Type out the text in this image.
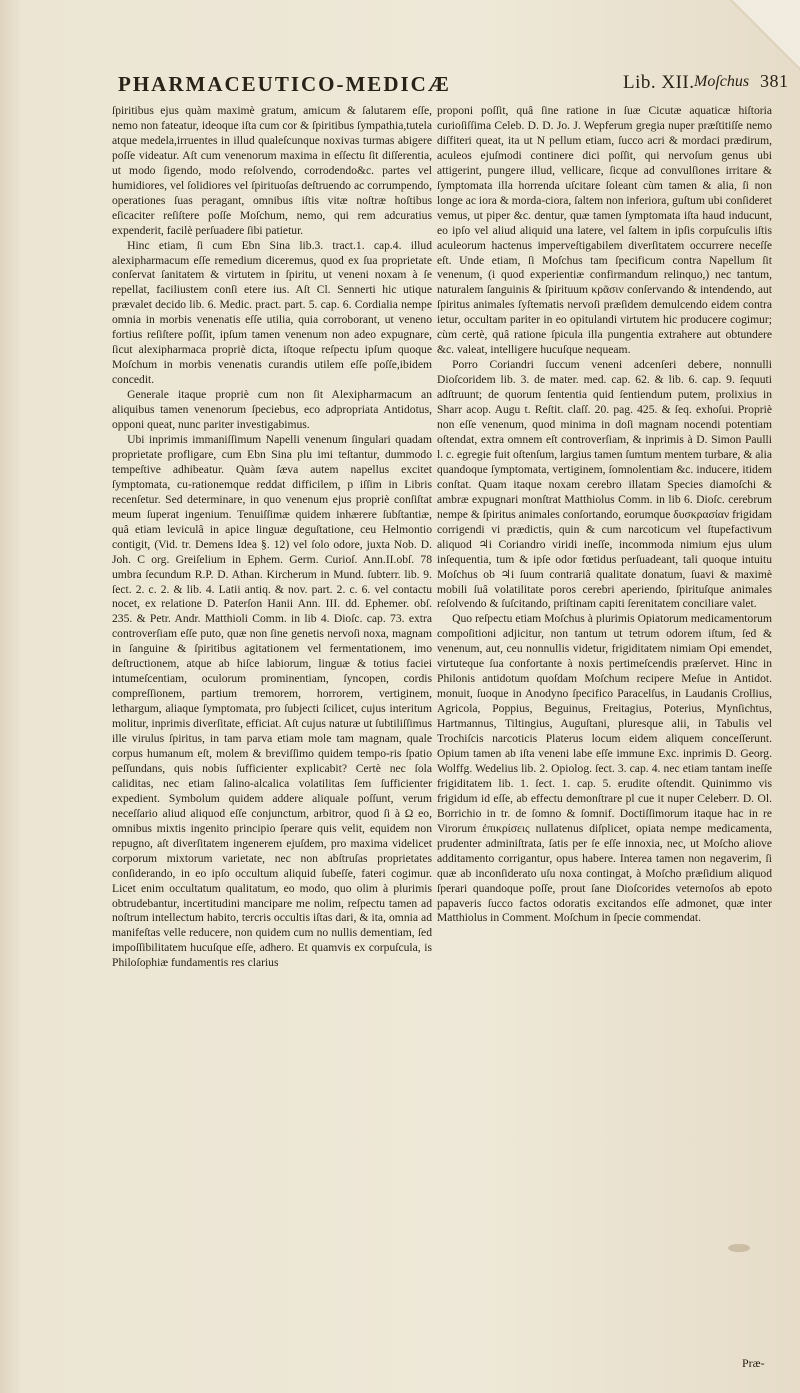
PHARMACEUTICO-MEDICÆ	Lib. XII. Moſchus 381

ſpiritibus ejus quàm maximè gratum, amicum & ſalutarem eſſe, nemo non fateatur, ideoque iſta cum cor & ſpiritibus ſympathia,tutela atque medela,irruentes in illud qualeſcunque noxivas turmas abigere poſſe videatur. Aſt cum venenorum maxima in eſſectu ſit diſſerentia, ut modo ſigendo, modo reſolvendo, corrodendo&c. partes vel humidiores, vel ſolidiores vel ſpirituoſas deſtruendo ac corrumpendo, operationes ſuas peragant, omnibus iſtis vitæ noſtræ hoſtibus eſicaciter reſiſtere poſſe Moſchum, nemo, qui rem adcuratius expenderit, facilè perſuadere ſibi patietur.

Hinc etiam, ſi cum Ebn Sina lib.3. tract.1. cap.4. illud alexipharmacum eſſe remedium diceremus, quod ex ſua proprietate conſervat ſanitatem & virtutem in ſpiritu, ut veneni noxam à ſe repellat, faciliustem conſi etere ius. Aſt Cl. Sennerti hic utique prævalet decido lib. 6. Medic. pract. part. 5. cap. 6. Cordialia nempe omnia in morbis venenatis eſſe utilia, quia corroborant, ut veneno fortius reſiſtere poſſit, ipſum tamen venenum non adeo expugnare, ſicut alexipharmaca propriè dicta, iſtoque reſpectu ipſum quoque Moſchum in morbis venenatis curandis utilem eſſe poſſe,ibidem concedit.

Generale itaque propriè cum non ſit Alexipharmacum an aliquibus tamen venenorum ſpeciebus, eco adpropriata Antidotus, opponi queat, nunc pariter investigabimus.

Ubi inprimis immaniſſimum Napelli venenum ſingulari quadam proprietate profligare, cum Ebn Sina plu imi teſtantur, dummodo tempeſtive adhibeatur. Quàm ſæva autem napellus excitet ſymptomata, cu-rationemque reddat difficilem, p iſſim in Libris recenſetur. Sed determinare, in quo venenum ejus propriè conſiſtat meum ſuperat ingenium. Tenuiſſimæ quidem inhærere ſubſtantiæ, quâ etiam leviculâ in apice linguæ deguſtatione, ceu Helmontio contigit, (Vid. tr. Demens Idea §. 12) vel ſolo odore, juxta Nob. D. Joh. C org. Greiſelium in Ephem. Germ. Curioſ. Ann.II.obſ. 78 umbra ſecundum R.P. D. Athan. Kircherum in Mund. ſubterr. lib. 9. ſect. 2. c. 2. & lib. 4. Latii antiq. & nov. part. 2. c. 6. vel contactu nocet, ex relatione D. Paterſon Hanii Ann. III. dd. Ephemer. obſ. 235. & Petr. Andr. Matthioli Comm. in lib 4. Dioſc. cap. 73. extra controverſiam eſſe puto, quæ non ſine genetis nervoſi noxa, magnam in ſanguine & ſpiritibus agitationem vel fermentationem, imo deſtructionem, atque ab hiſce labiorum, linguæ & totius faciei intumeſcentiam, oculorum prominentiam, ſyncopen, cordis compreſſionem, partium tremorem, horrorem, vertiginem, lethargum, aliaque ſymptomata, pro ſubjecti ſcilicet, cujus interitum molitur, inprimis diverſitate, efficiat. Aſt cujus naturæ ut ſubtiliſſimus ille virulus ſpiritus, in tam parva etiam mole tam magnam, quale corpus humanum eſt, molem & breviſſimo quidem tempo-ris ſpatio peſſundans, quis nobis ſufficienter explicabit? Certè nec ſola caliditas, nec etiam ſalino-alcalica volatilitas ſem ſufficienter expedient. Symbolum quidem addere aliquale poſſunt, verum neceſſario aliud aliquod eſſe conjunctum, arbitror, quod ſi à Ω eo, omnibus mixtis ingenito principio ſperare quis velit, equidem non repugno, aſt diverſitatem ingenerem ejuſdem, pro maxima videlicet corporum mixtorum varietate, nec non abſtruſas proprietates conſiderando, in eo ipſo occultum aliquid ſubeſſe, fateri cogimur. Licet enim occultatum qualitatum, eo modo, quo olim à plurimis obtrudebantur, incertitudini mancipare me nolim, reſpectu tamen ad noſtrum intellectum habito, tercris occultis iſtas dari, & ita, omnia ad manifeſtas velle reducere, non quidem cum no nullis dementiam, ſed impoſſibilitatem hucuſque eſſe, adhero. Et quamvis ex corpuſcula, is Philoſophiæ fundamentis res clarius

proponi poſſit, quâ ſine ratione in ſuæ Cicutæ aquaticæ hiſtoria curioſiſſima Celeb. D. D. Jo. J. Wepferum gregia nuper præſtitiſſe nemo diſfiteri queat, ita ut N pellum etiam, ſucco acri & mordaci prædirum, aculeos ejuſmodi continere dici poſſit, qui nervoſum genus ubi attigerint, pungere illud, vellicare, ſicque ad convulſiones irritare & ſymptomata illa horrenda uſcitare ſoleant cùm tamen & alia, ſi non longe ac iora & morda-ciora, ſaltem non inferiora, guſtum ubi conſideret vemus, ut piper &c. dentur, quæ tamen ſymptomata iſta haud inducunt, eo ipſo vel aliud aliquid una latere, vel ſaltem in ipſis corpuſculis iſtis aculeorum hactenus imperveſtigabilem diverſitatem occurrere neceſſe eſt. Unde etiam, ſi Moſchus tam ſpecificum contra Napellum ſit venenum, (i quod experientiæ confirmandum relinquo,) nec tantum, naturalem ſanguinis & ſpirituum κρᾶσιν conſervando & intendendo, aut ſpiritus animales ſyſtematis nervoſi præſidem demulcendo eidem contra ietur, occultam pariter in eo opitulandi virtutem hic producere cogimur; cùm certè, quâ ratione ſpicula illa pungentia extrahere aut obtundere &c. valeat, intelligere hucuſque nequeam.

Porro Coriandri ſuccum veneni adcenſeri debere, nonnulli Dioſcoridem lib. 3. de mater. med. cap. 62. & lib. 6. cap. 9. ſequuti adſtruunt; de quorum ſententia quid ſentiendum putem, prolixius in Sharr acop. Augu t. Reſtit. claſſ. 20. pag. 425. & ſeq. exhoſui. Propriè non eſſe venenum, quod minima in doſi magnam nocendi potentiam oſtendat, extra omnem eſt controverſiam, & inprimis à D. Simon Paulli l. c. egregie fuit oſtenſum, largius tamen ſumtum mentem turbare, & alia quandoque ſymptomata, vertiginem, ſomnolentiam &c. inducere, itidem conſtat. Quam itaque noxam cerebro illatam Species diamoſchi & ambræ expugnari monſtrat Matthiolus Comm. in lib 6. Dioſc. cerebrum nempe & ſpiritus animales conſortando, eorumque δυσκρασίαν frigidam corrigendi vi prædictis, quin & cum narcoticum vel ſtupefactivum aliquod ♃i Coriandro viridi ineſſe, incommoda nimium ejus ulum inſequentia, tum & ipſe odor fœtidus perſuadeant, tali quoque intuitu Moſchus ob ♃i ſuum contrariâ qualitate donatum, ſuavi & maximè mobili ſuâ volatilitate poros cerebri aperiendo, ſpirituſque animales reſolvendo & ſuſcitando, priſtinam capiti ſerenitatem conciliare valet.

Quo reſpectu etiam Moſchus à plurimis Opiatorum medicamentorum compoſitioni adjicitur, non tantum ut tetrum odorem iſtum, ſed & venenum, aut, ceu nonnullis videtur, frigiditatem nimiam Opi emendet, virtuteque ſua confortante à noxis pertimeſcendis præſervet. Hinc in Philonis antidotum quoſdam Moſchum recipere Meſue in Antidot. monuit, ſuoque in Anodyno ſpecifico Paracelſus, in Laudanis Crollius, Agricola, Poppius, Beguinus, Freitagius, Poterius, Mynſichtus, Hartmannus, Tiltingius, Auguſtani, pluresque alii, in Tabulis vel Trochiſcis narcoticis Platerus locum eidem aliquem conceſſerunt. Opium tamen ab iſta veneni labe eſſe immune Exc. inprimis D. Georg. Wolffg. Wedelius lib. 2. Opiolog. ſect. 3. cap. 4. nec etiam tantam ineſſe frigiditatem lib. 1. ſect. 1. cap. 5. erudite oſtendit. Quinimmo vis frigidum id eſſe, ab effectu demonſtrare pl cue it nuper Celeberr. D. Ol. Borrichio in tr. de ſomno & ſomnif. Doctiſſimorum itaque hac in re Virorum ἐπικρίσεις nullatenus diſplicet, opiata nempe medicamenta, prudenter adminiſtrata, ſatis per ſe eſſe innoxia, nec, ut Moſcho aliove additamento corrigantur, opus habere. Interea tamen non negaverim, ſi quæ ab inconſiderato uſu noxa contingat, à Moſcho præſidium aliquod ſperari quandoque poſſe, prout ſane Dioſcorides veternoſos ab epoto papaveris ſucco factos odoratis excitandos eſſe admonet, quæ inter Matthiolus in Comment. Moſchum in ſpecie commendat.

Præ-
